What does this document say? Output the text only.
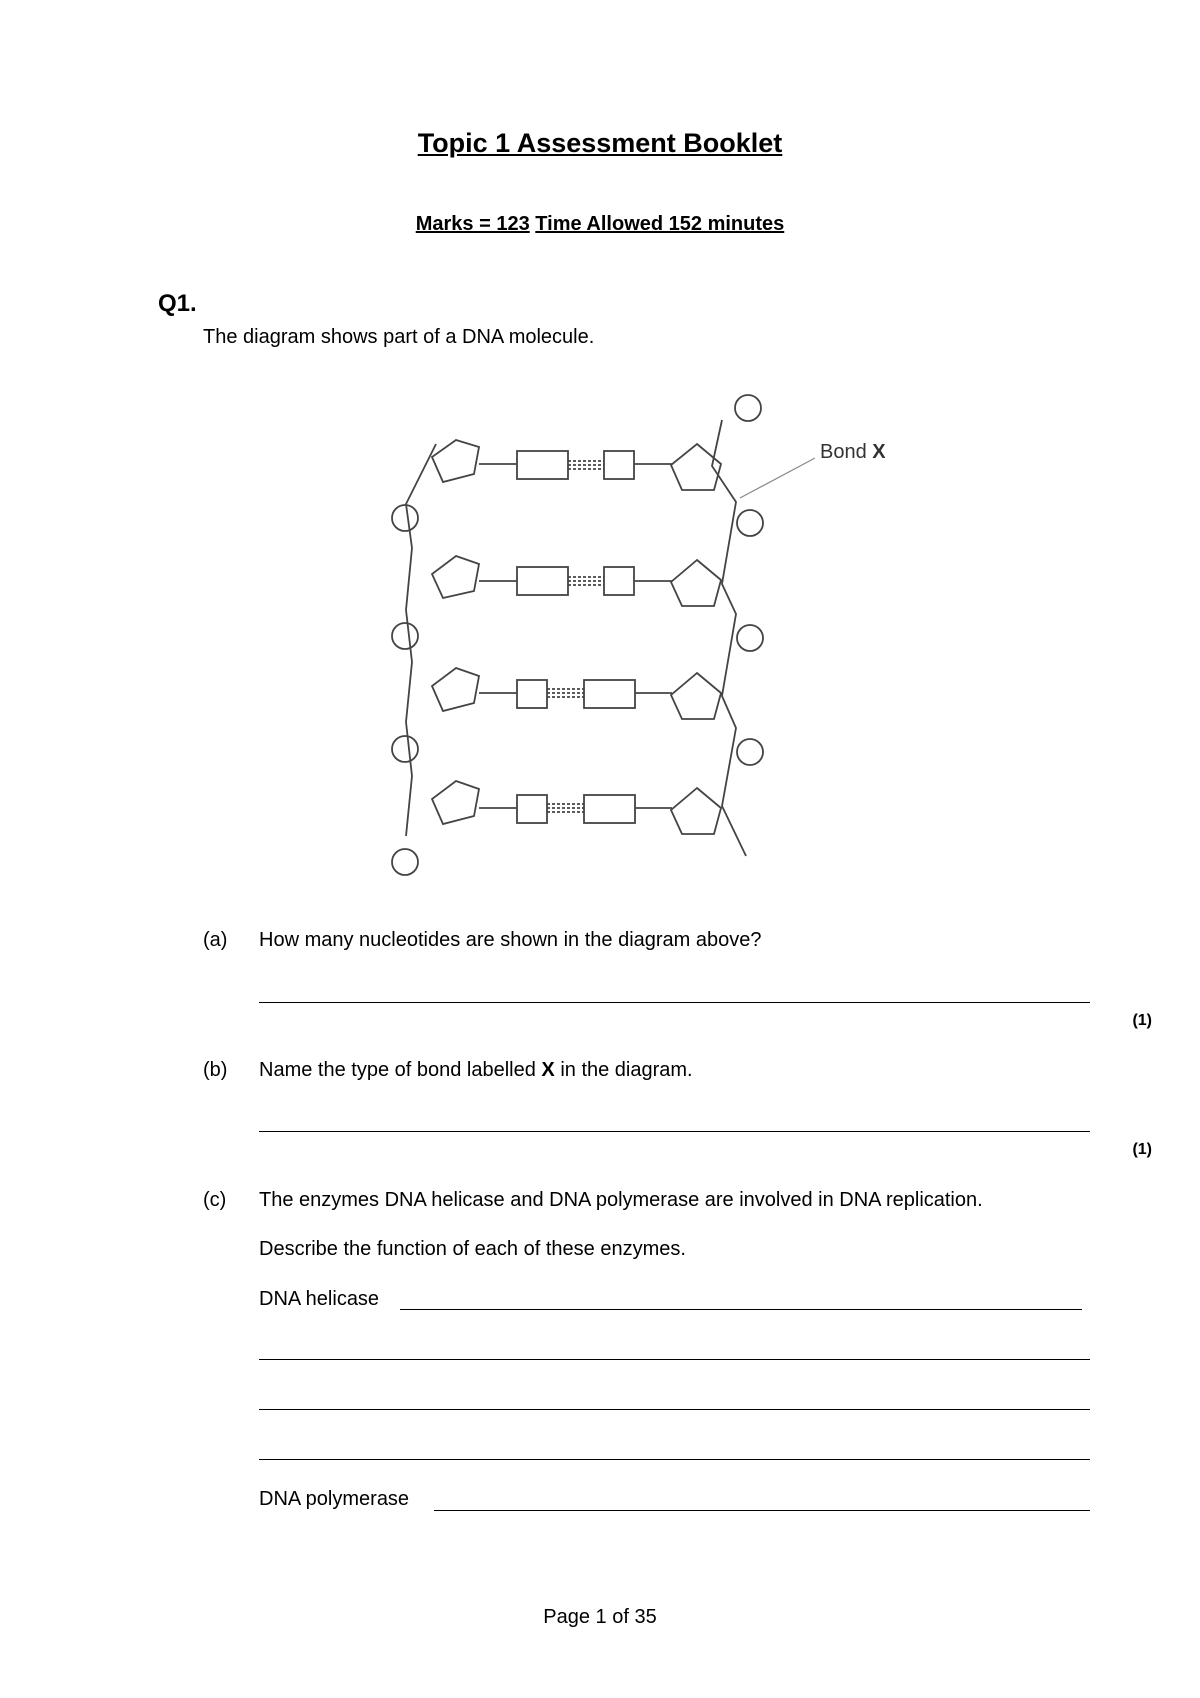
Topic 1 Assessment Booklet
Marks = 123 Time Allowed 152 minutes
Q1.
The diagram shows part of a DNA molecule.
Bond X
(a) How many nucleotides are shown in the diagram above?
(1)
(b) Name the type of bond labelled X in the diagram.
(1)
(c) The enzymes DNA helicase and DNA polymerase are involved in DNA replication.
Describe the function of each of these enzymes.
DNA helicase
DNA polymerase
Page 1 of 35
